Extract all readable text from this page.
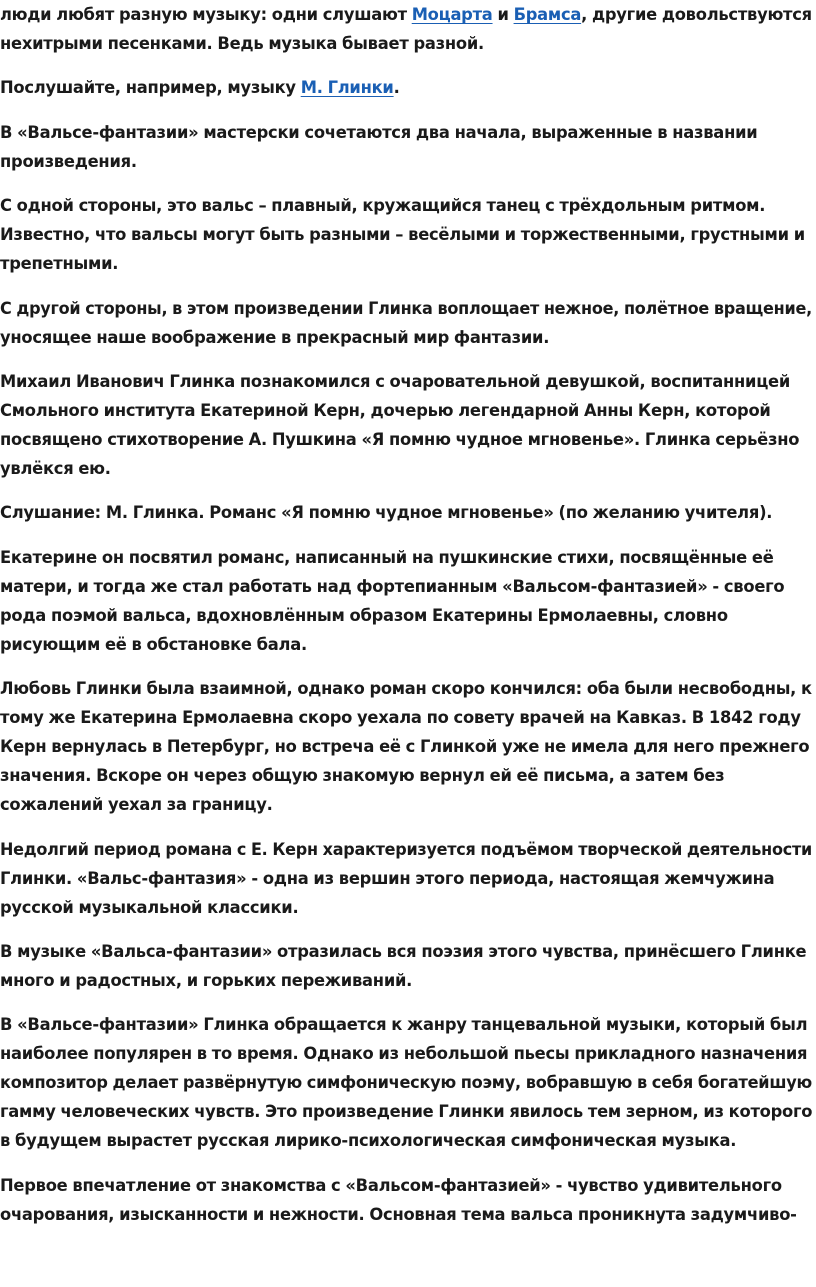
люди любят разную музыку: одни слушают Моцарта и Брамса, другие довольствуются
нехитрыми песенками. Ведь музыка бывает разной.

Послушайте, например, музыку М. Глинки.

В «Вальсе-фантазии» мастерски сочетаются два начала, выраженные в названии
произведения.

С одной стороны, это вальс – плавный, кружащийся танец с трёхдольным ритмом.
Известно, что вальсы могут быть разными – весёлыми и торжественными, грустными и
трепетными.

С другой стороны, в этом произведении Глинка воплощает нежное, полётное вращение,
уносящее наше воображение в прекрасный мир фантазии.

Михаил Иванович Глинка познакомился с очаровательной девушкой, воспитанницей
Смольного института Екатериной Керн, дочерью легендарной Анны Керн, которой
посвящено стихотворение А. Пушкина «Я помню чудное мгновенье». Глинка серьёзно
увлёкся ею.

Слушание: М. Глинка. Романс «Я помню чудное мгновенье» (по желанию учителя).

Екатерине он посвятил романс, написанный на пушкинские стихи, посвящённые её
матери, и тогда же стал работать над фортепианным «Вальсом-фантазией» - своего
рода поэмой вальса, вдохновлённым образом Екатерины Ермолаевны, словно
рисующим её в обстановке бала.

Любовь Глинки была взаимной, однако роман скоро кончился: оба были несвободны, к
тому же Екатерина Ермолаевна скоро уехала по совету врачей на Кавказ. В 1842 году
Керн вернулась в Петербург, но встреча её с Глинкой уже не имела для него прежнего
значения. Вскоре он через общую знакомую вернул ей её письма, а затем без
сожалений уехал за границу.

Недолгий период романа с Е. Керн характеризуется подъёмом творческой деятельности
Глинки. «Вальс-фантазия» - одна из вершин этого периода, настоящая жемчужина
русской музыкальной классики.

В музыке «Вальса-фантазии» отразилась вся поэзия этого чувства, принёсшего Глинке
много и радостных, и горьких переживаний.

В «Вальсе-фантазии» Глинка обращается к жанру танцевальной музыки, который был
наиболее популярен в то время. Однако из небольшой пьесы прикладного назначения
композитор делает развёрнутую симфоническую поэму, вобравшую в себя богатейшую
гамму человеческих чувств. Это произведение Глинки явилось тем зерном, из которого
в будущем вырастет русская лирико-психологическая симфоническая музыка.

Первое впечатление от знакомства с «Вальсом-фантазией» - чувство удивительного
очарования, изысканности и нежности. Основная тема вальса проникнута задумчиво-
